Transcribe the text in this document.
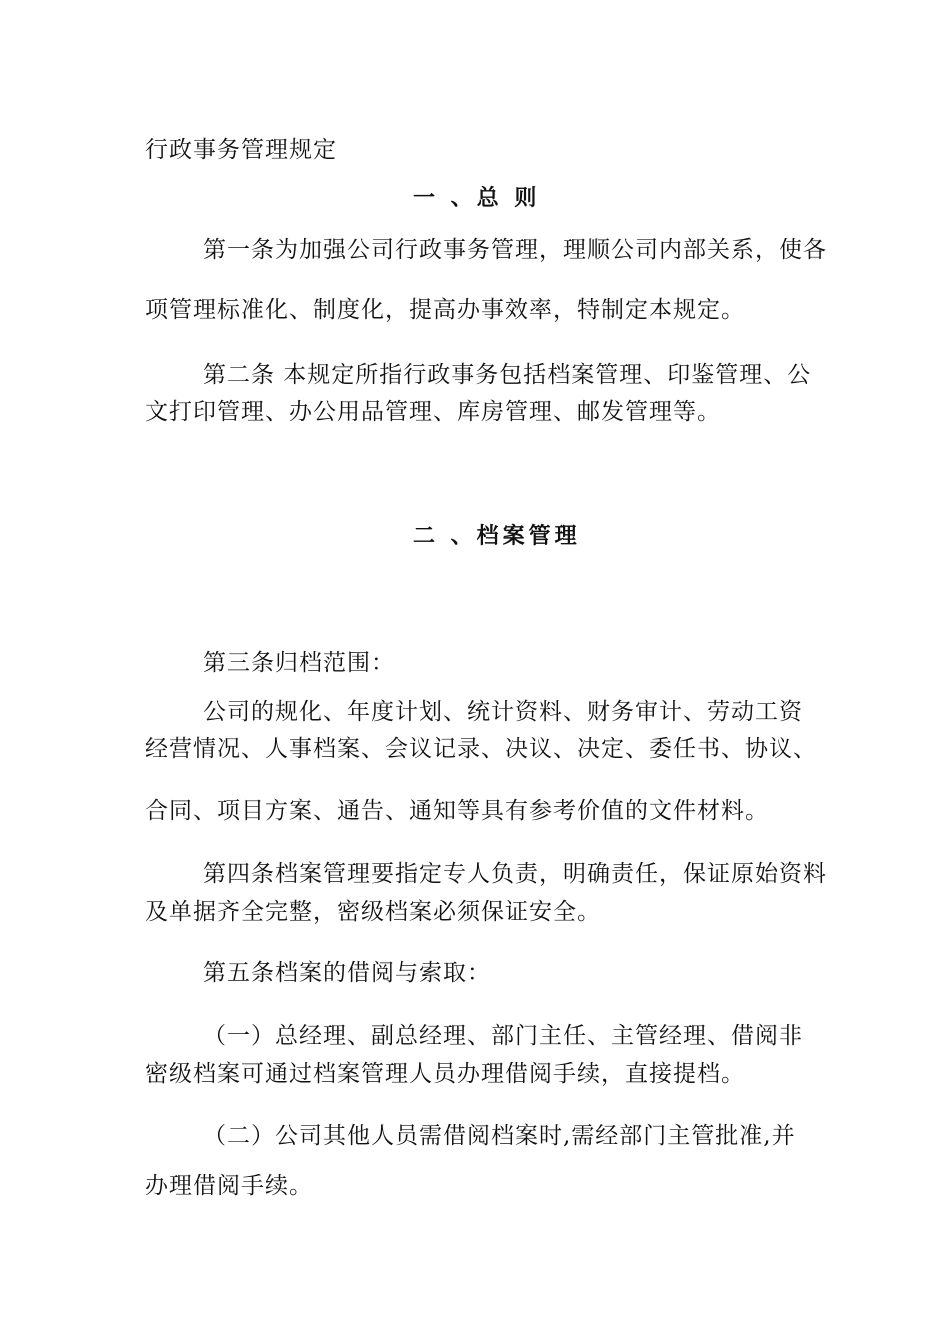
行政事务管理规定
一 、总 则
第一条为加强公司行政事务管理，理顺公司内部关系，使各
项管理标准化、制度化，提高办事效率，特制定本规定。
第二条 本规定所指行政事务包括档案管理、印鉴管理、公
文打印管理、办公用品管理、库房管理、邮发管理等。
二 、档案管理
第三条归档范围：
公司的规化、年度计划、统计资料、财务审计、劳动工资
经营情况、人事档案、会议记录、决议、决定、委任书、协议、
合同、项目方案、通告、通知等具有参考价值的文件材料。
第四条档案管理要指定专人负责，明确责任，保证原始资料
及单据齐全完整，密级档案必须保证安全。
第五条档案的借阅与索取：
（一）总经理、副总经理、部门主任、主管经理、借阅非
密级档案可通过档案管理人员办理借阅手续，直接提档。
（二）公司其他人员需借阅档案时,需经部门主管批准,并
办理借阅手续。
